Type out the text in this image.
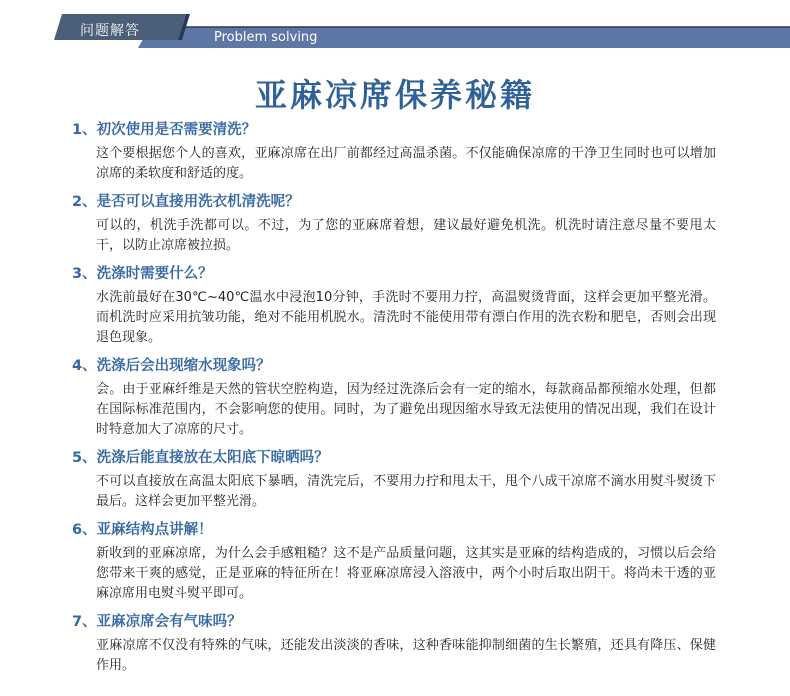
问题解答	Problem solving
亚麻凉席保养秘籍
1、初次使用是否需要清洗？
这个要根据您个人的喜欢，亚麻凉席在出厂前都经过高温杀菌。不仅能确保凉席的干净卫生同时也可以增加凉席的柔软度和舒适的度。
2、是否可以直接用洗衣机清洗呢？
可以的，机洗手洗都可以。不过，为了您的亚麻席着想，建议最好避免机洗。机洗时请注意尽量不要甩太干，以防止凉席被拉损。
3、洗涤时需要什么？
水洗前最好在30℃~40℃温水中浸泡10分钟，手洗时不要用力拧，高温熨烫背面，这样会更加平整光滑。 而机洗时应采用抗皱功能，绝对不能用机脱水。清洗时不能使用带有漂白作用的洗衣粉和肥皂，否则会出现退色现象。
4、洗涤后会出现缩水现象吗？
会。由于亚麻纤维是天然的管状空腔构造，因为经过洗涤后会有一定的缩水，每款商品都预缩水处理，但都在国际标准范围内，不会影响您的使用。同时，为了避免出现因缩水导致无法使用的情况出现，我们在设计时特意加大了凉席的尺寸。
5、洗涤后能直接放在太阳底下晾晒吗？
不可以直接放在高温太阳底下暴晒，清洗完后，不要用力拧和甩太干，甩个八成干凉席不滴水用熨斗熨烫下最后。这样会更加平整光滑。
6、亚麻结构点讲解！
新收到的亚麻凉席，为什么会手感粗糙？这不是产品质量问题，这其实是亚麻的结构造成的，习惯以后会给您带来干爽的感觉，正是亚麻的特征所在！将亚麻凉席浸入溶液中，两个小时后取出阴干。将尚未干透的亚麻凉席用电熨斗熨平即可。
7、亚麻凉席会有气味吗？
亚麻凉席不仅没有特殊的气味，还能发出淡淡的香味，这种香味能抑制细菌的生长繁殖，还具有降压、保健作用。
